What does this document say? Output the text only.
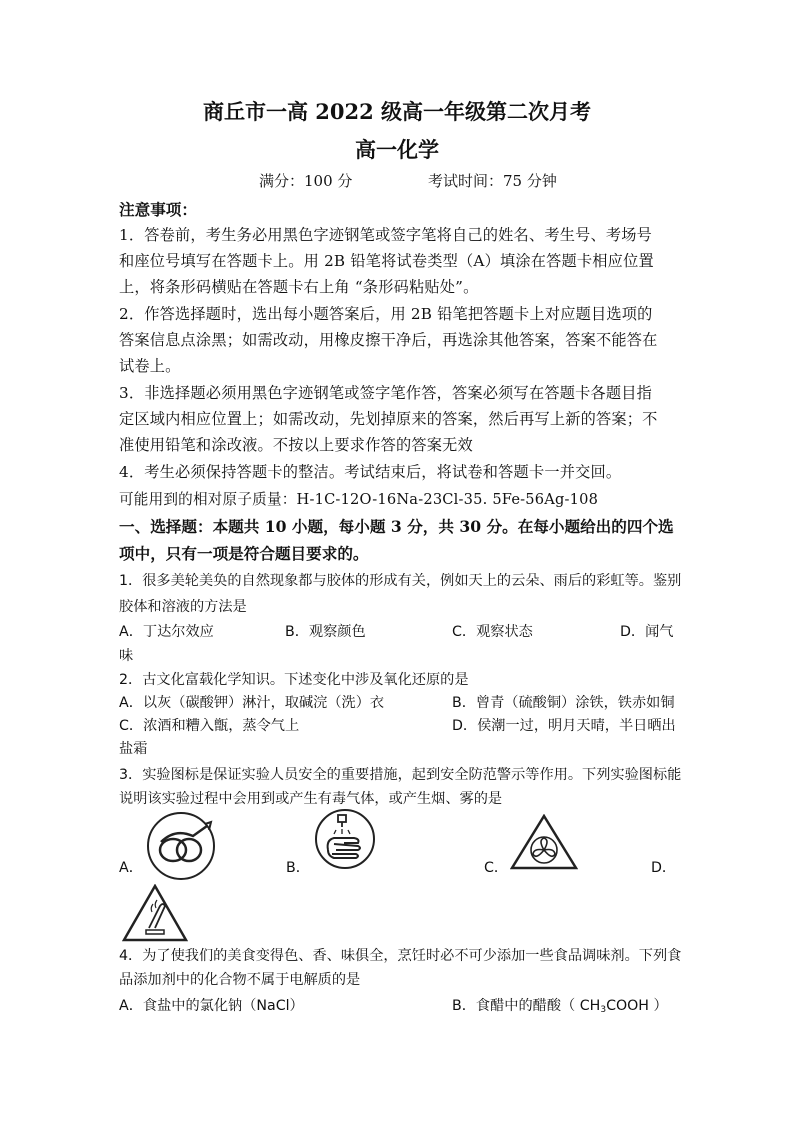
商丘市一高 2022 级高一年级第二次月考
高一化学
满分：100 分	考试时间：75 分钟
注意事项：
1．答卷前，考生务必用黑色字迹钢笔或签字笔将自己的姓名、考生号、考场号
和座位号填写在答题卡上。用 2B 铅笔将试卷类型（A）填涂在答题卡相应位置
上，将条形码横贴在答题卡右上角 “条形码粘贴处”。
2．作答选择题时，选出每小题答案后，用 2B 铅笔把答题卡上对应题目选项的
答案信息点涂黑；如需改动，用橡皮擦干净后，再选涂其他答案，答案不能答在
试卷上。
3．非选择题必须用黑色字迹钢笔或签字笔作答，答案必须写在答题卡各题目指
定区域内相应位置上；如需改动，先划掉原来的答案，然后再写上新的答案；不
准使用铅笔和涂改液。不按以上要求作答的答案无效
4．考生必须保持答题卡的整洁。考试结束后，将试卷和答题卡一并交回。
可能用到的相对原子质量：H-1C-12O-16Na-23Cl-35. 5Fe-56Ag-108
一、选择题：本题共 10 小题，每小题 3 分，共 30 分。在每小题给出的四个选
项中，只有一项是符合题目要求的。
1．很多美轮美奂的自然现象都与胶体的形成有关，例如天上的云朵、雨后的彩虹等。鉴别
胶体和溶液的方法是
A．丁达尔效应	B．观察颜色	C．观察状态	D．闻气
味
2．古文化富载化学知识。下述变化中涉及氧化还原的是
A．以灰（碳酸钾）淋汁，取碱浣（洗）衣	B．曾青（硫酸铜）涂铁，铁赤如铜
C．浓酒和糟入甑，蒸令气上	D．侯潮一过，明月天晴，半日晒出
盐霜
3．实验图标是保证实验人员安全的重要措施，起到安全防范警示等作用。下列实验图标能
说明该实验过程中会用到或产生有毒气体，或产生烟、雾的是
A．	B．	C．	D．
4．为了使我们的美食变得色、香、味俱全，烹饪时必不可少添加一些食品调味剂。下列食
品添加剂中的化合物不属于电解质的是
A．食盐中的氯化钠（NaCl）	B．食醋中的醋酸（ $CH_3COOH$ ）
